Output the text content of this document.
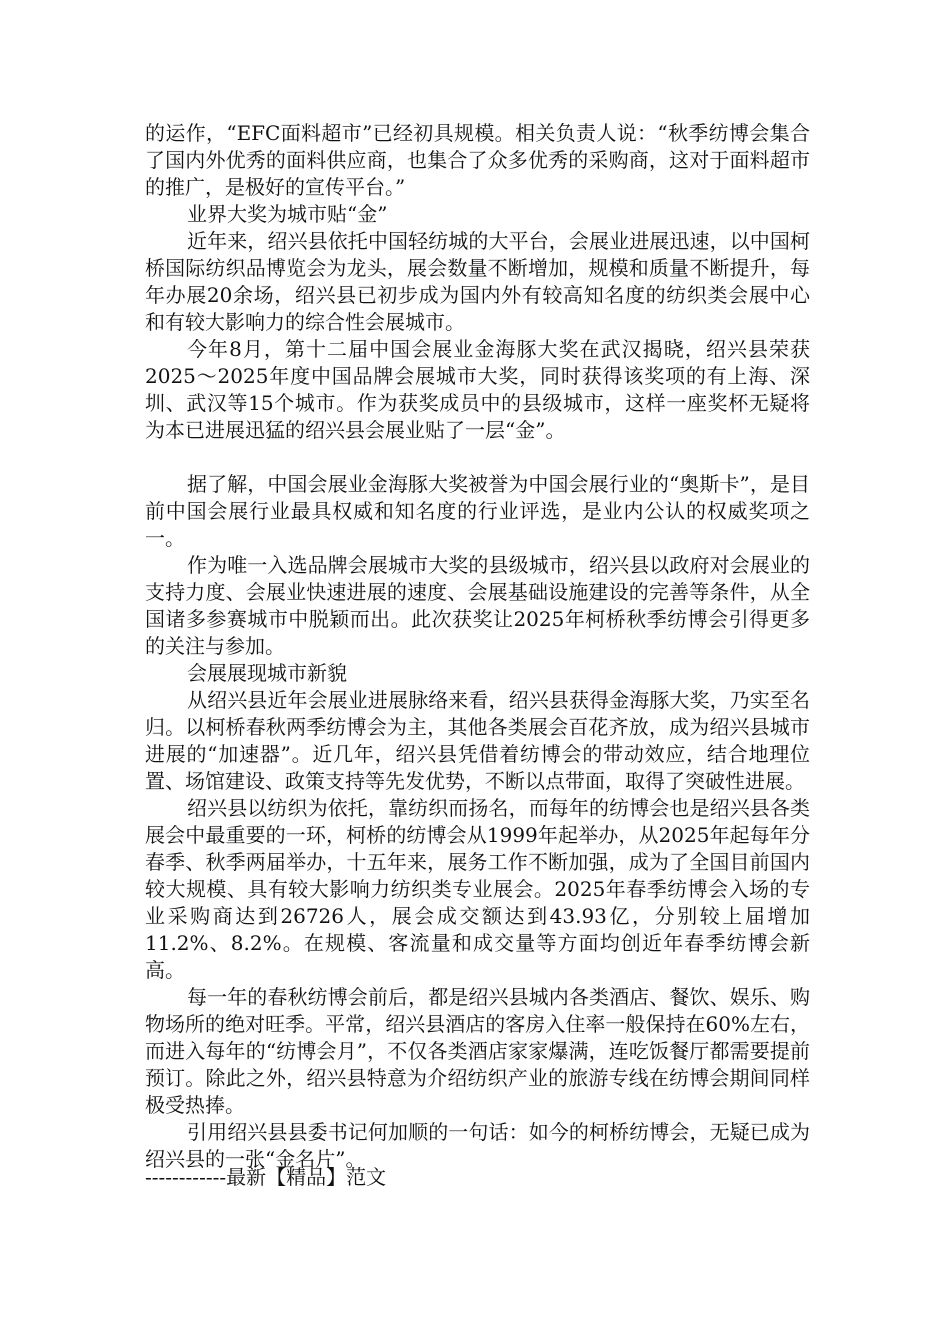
的运作，“EFC面料超市”已经初具规模。相关负责人说：“秋季纺博会集合了国内外优秀的面料供应商，也集合了众多优秀的采购商，这对于面料超市的推广，是极好的宣传平台。”

业界大奖为城市贴“金”

近年来，绍兴县依托中国轻纺城的大平台，会展业进展迅速，以中国柯桥国际纺织品博览会为龙头，展会数量不断增加，规模和质量不断提升，每年办展20余场，绍兴县已初步成为国内外有较高知名度的纺织类会展中心和有较大影响力的综合性会展城市。

今年8月，第十二届中国会展业金海豚大奖在武汉揭晓，绍兴县荣获2025～2025年度中国品牌会展城市大奖，同时获得该奖项的有上海、深圳、武汉等15个城市。作为获奖成员中的县级城市，这样一座奖杯无疑将为本已进展迅猛的绍兴县会展业贴了一层“金”。

据了解，中国会展业金海豚大奖被誉为中国会展行业的“奥斯卡”，是目前中国会展行业最具权威和知名度的行业评选，是业内公认的权威奖项之一。

作为唯一入选品牌会展城市大奖的县级城市，绍兴县以政府对会展业的支持力度、会展业快速进展的速度、会展基础设施建设的完善等条件，从全国诸多参赛城市中脱颖而出。此次获奖让2025年柯桥秋季纺博会引得更多的关注与参加。

会展展现城市新貌

从绍兴县近年会展业进展脉络来看，绍兴县获得金海豚大奖，乃实至名归。以柯桥春秋两季纺博会为主，其他各类展会百花齐放，成为绍兴县城市进展的“加速器”。近几年，绍兴县凭借着纺博会的带动效应，结合地理位置、场馆建设、政策支持等先发优势，不断以点带面，取得了突破性进展。

绍兴县以纺织为依托，靠纺织而扬名，而每年的纺博会也是绍兴县各类展会中最重要的一环，柯桥的纺博会从1999年起举办，从2025年起每年分春季、秋季两届举办，十五年来，展务工作不断加强，成为了全国目前国内较大规模、具有较大影响力纺织类专业展会。2025年春季纺博会入场的专业采购商达到26726人，展会成交额达到43.93亿，分别较上届增加11.2%、8.2%。在规模、客流量和成交量等方面均创近年春季纺博会新高。

每一年的春秋纺博会前后，都是绍兴县城内各类酒店、餐饮、娱乐、购物场所的绝对旺季。平常，绍兴县酒店的客房入住率一般保持在60%左右，而进入每年的“纺博会月”，不仅各类酒店家家爆满，连吃饭餐厅都需要提前预订。除此之外，绍兴县特意为介绍纺织产业的旅游专线在纺博会期间同样极受热捧。

引用绍兴县县委书记何加顺的一句话：如今的柯桥纺博会，无疑已成为绍兴县的一张“金名片”。

------------最新【精品】范文
